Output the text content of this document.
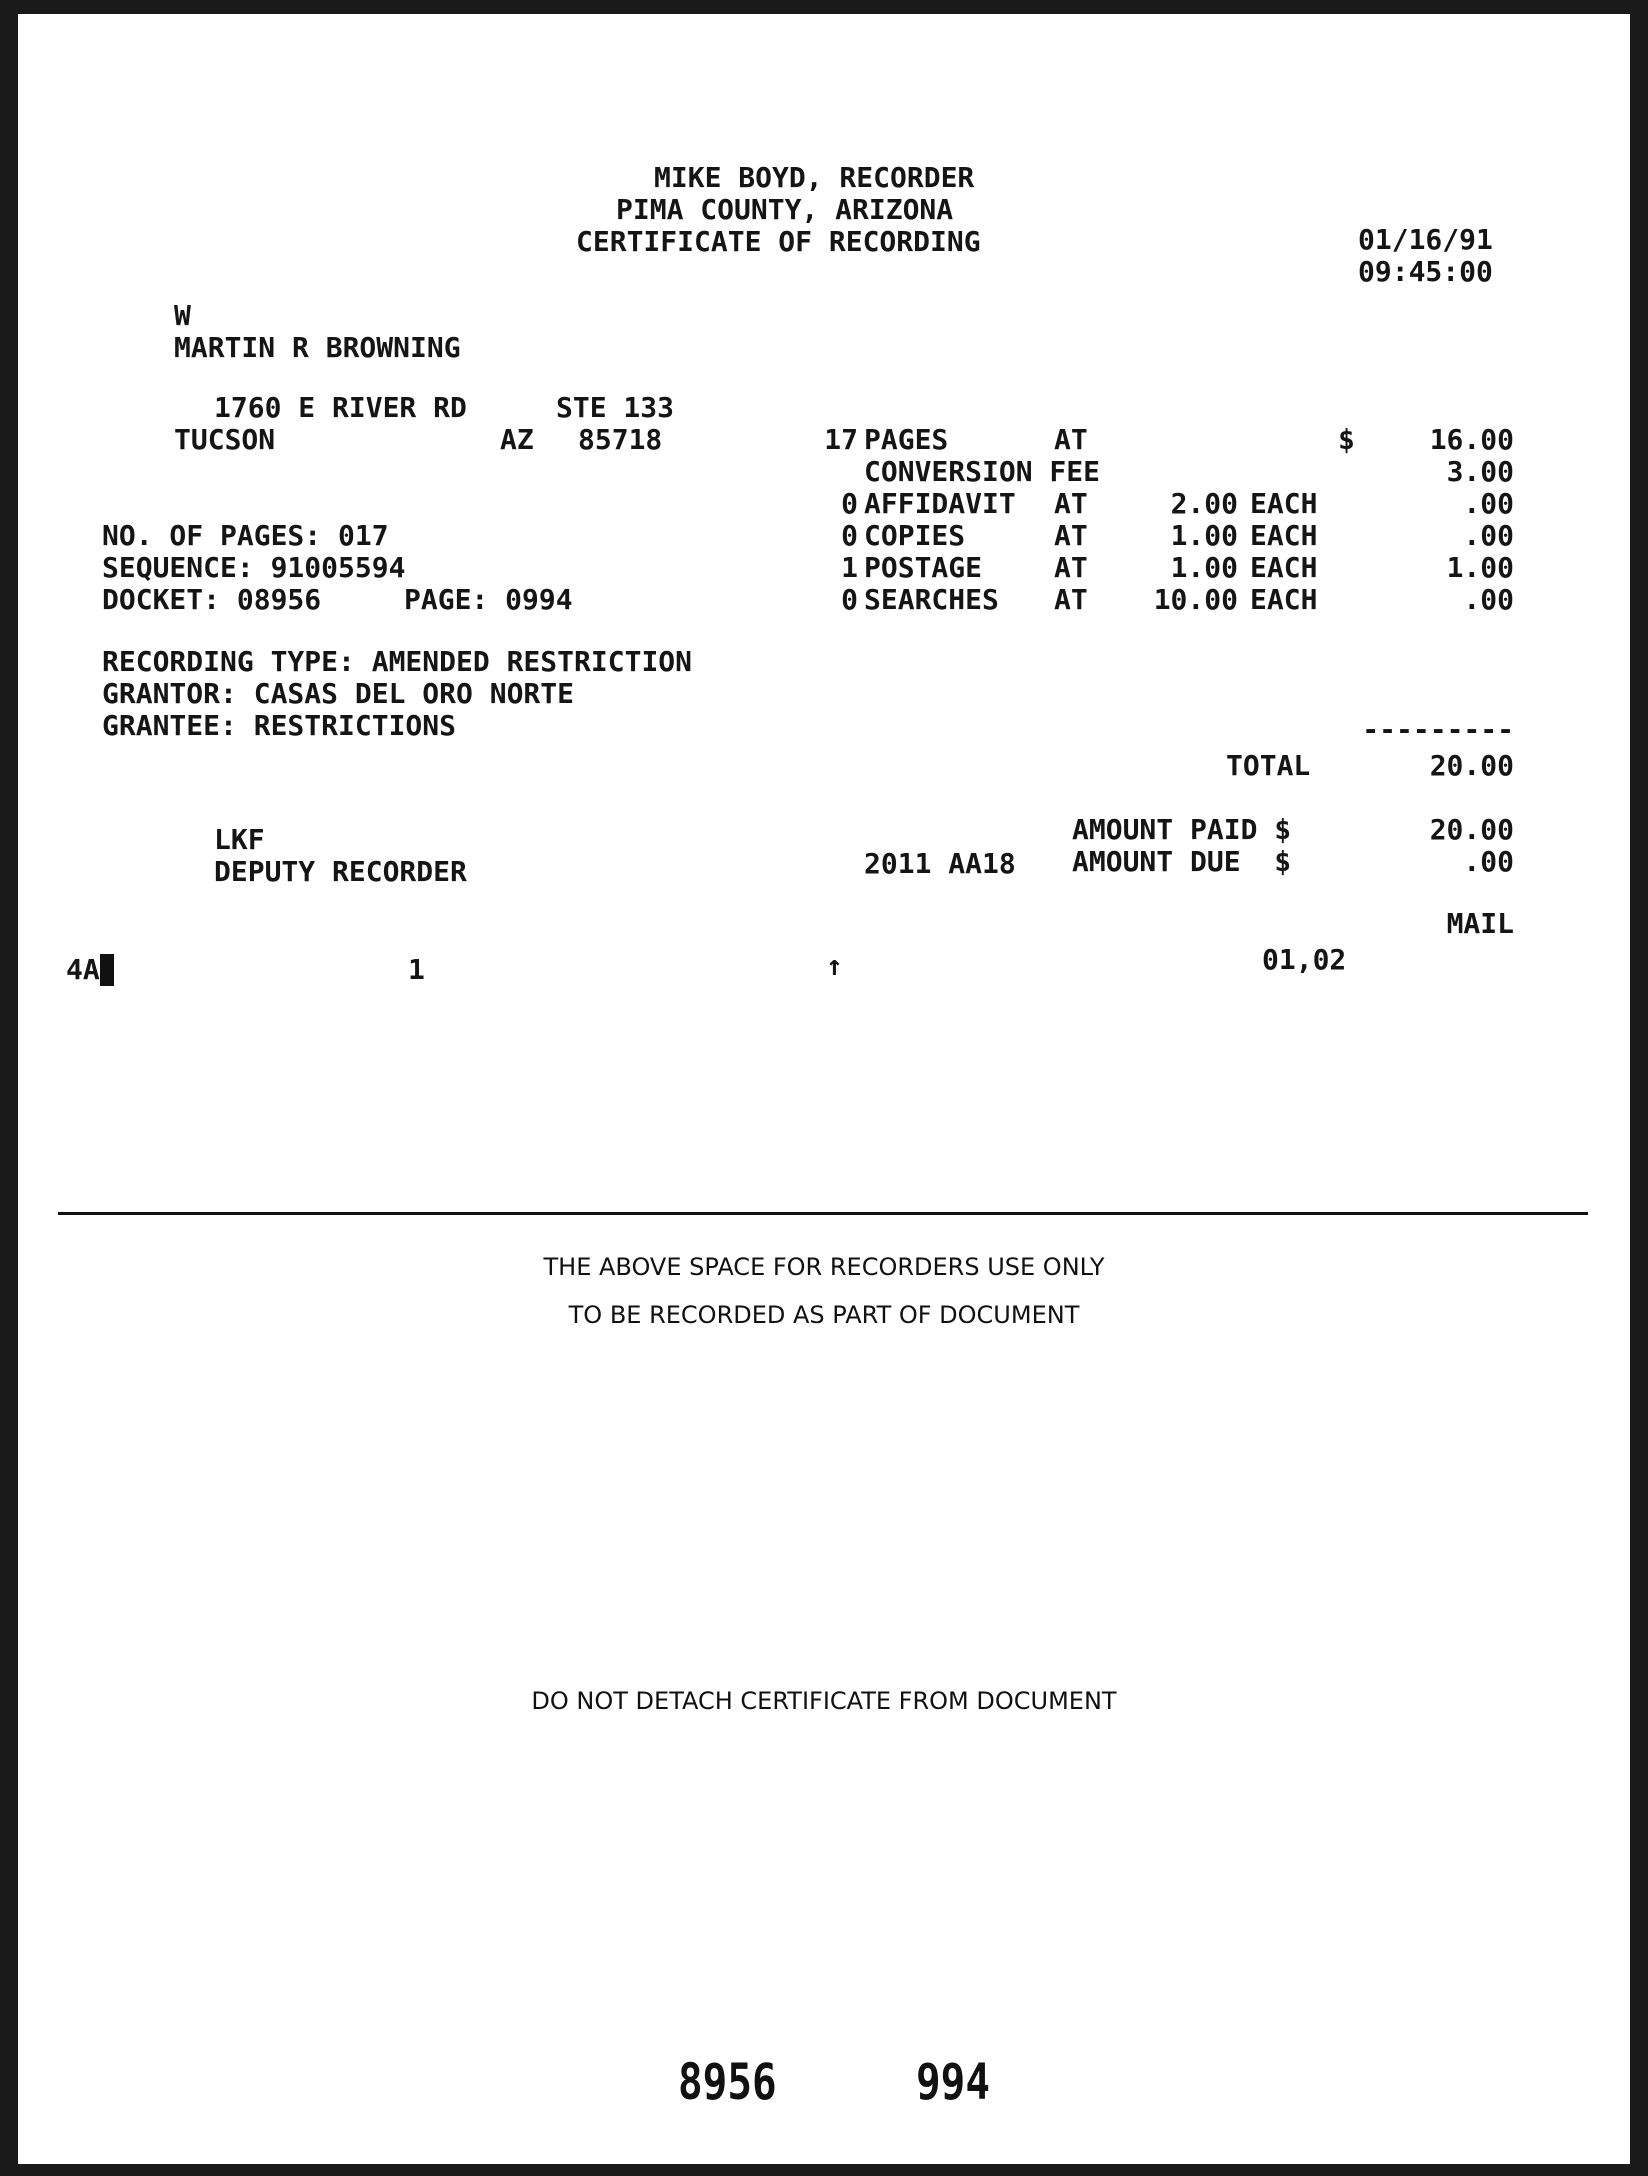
MIKE BOYD, RECORDER
PIMA COUNTY, ARIZONA
CERTIFICATE OF RECORDING	01/16/91
09:45:00
W
MARTIN R BROWNING
1760 E RIVER RD	STE 133
TUCSON	AZ 85718
NO. OF PAGES: 017
SEQUENCE: 91005594
DOCKET: 08956	PAGE: 0994
RECORDING TYPE: AMENDED RESTRICTION
GRANTOR: CASAS DEL ORO NORTE
GRANTEE: RESTRICTIONS
17 PAGES	AT	$	16.00
CONVERSION FEE	3.00
0 AFFIDAVIT AT	2.00 EACH	.00
0 COPIES	AT	1.00 EACH	.00
1 POSTAGE	AT	1.00 EACH	1.00
0 SEARCHES AT	10.00 EACH	.00
---------
TOTAL	20.00
AMOUNT PAID $	20.00
AMOUNT DUE  $	.00
MAIL
LKF
DEPUTY RECORDER	2011 AA18
4A	1	↑	01,02
THE ABOVE SPACE FOR RECORDERS USE ONLY
TO BE RECORDED AS PART OF DOCUMENT
DO NOT DETACH CERTIFICATE FROM DOCUMENT
8956	994
